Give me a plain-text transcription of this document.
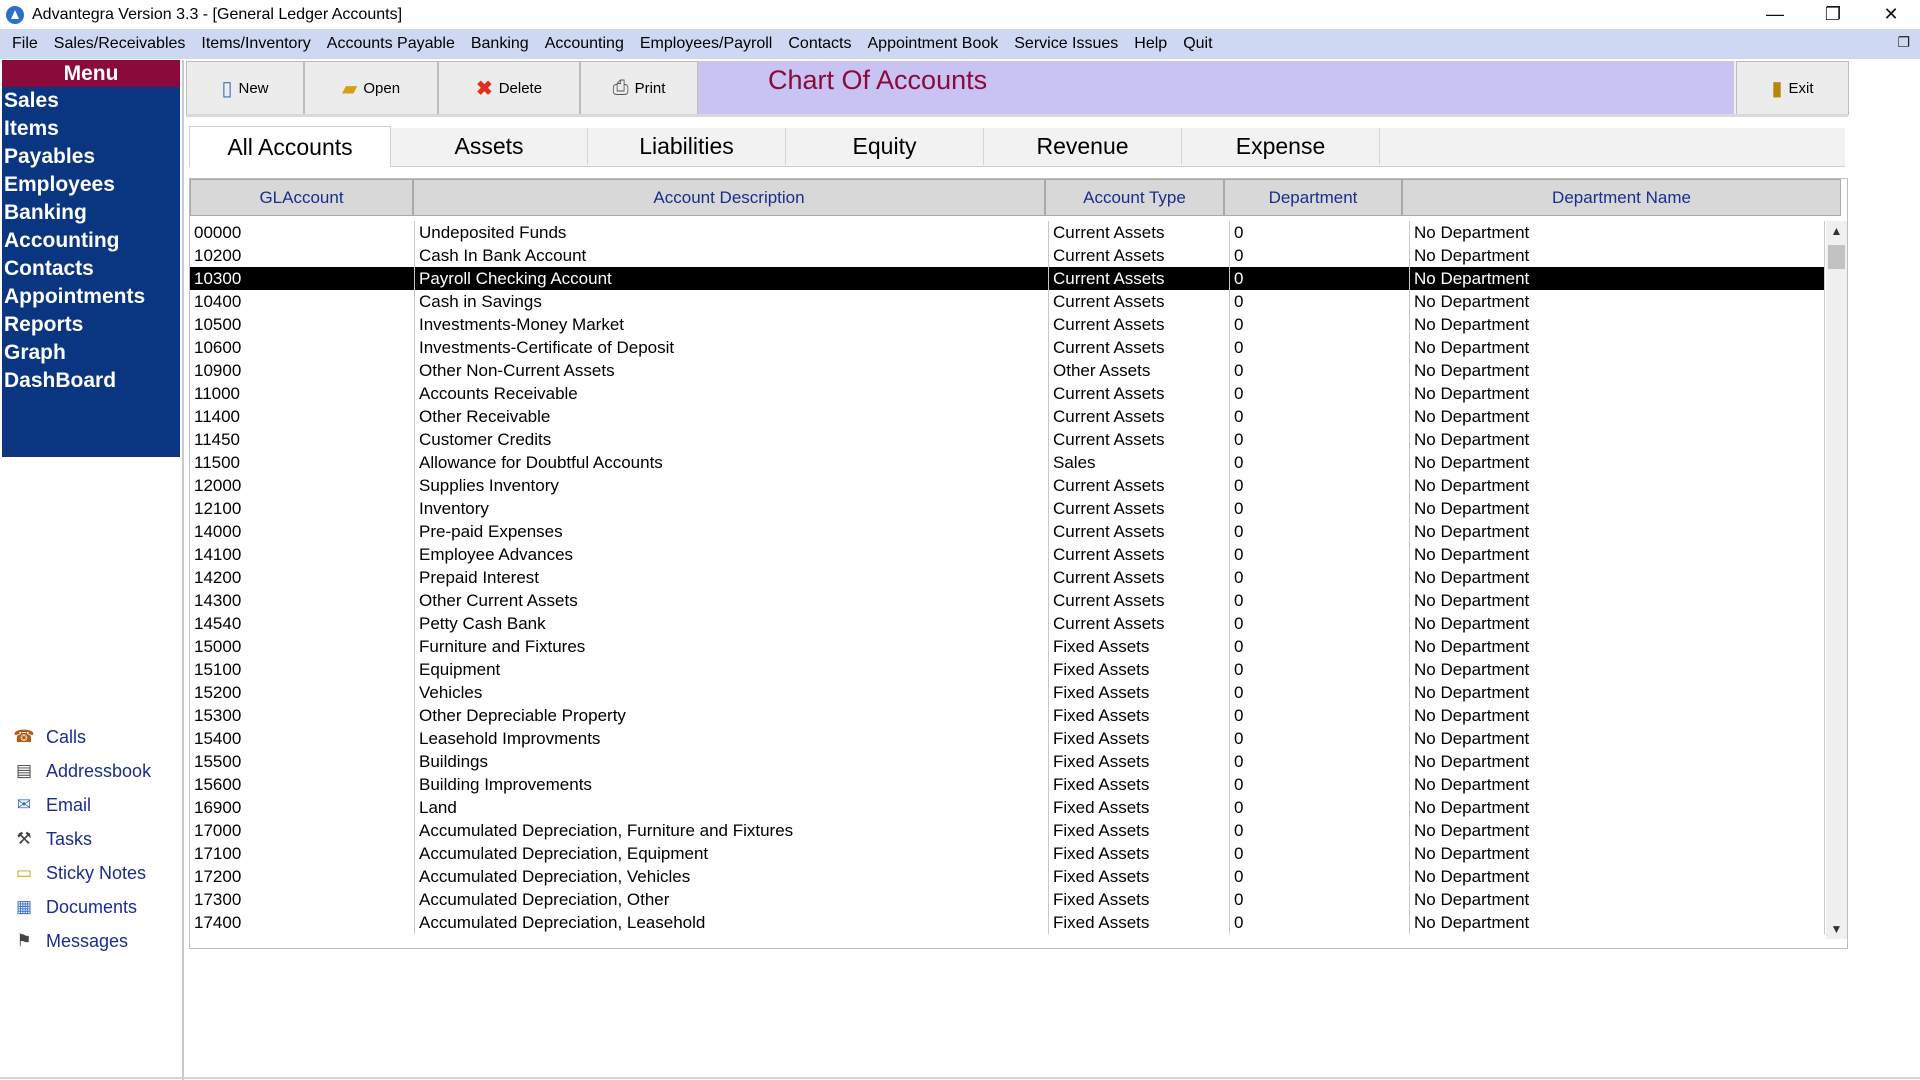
Advantegra Version 3.3 - [General Ledger Accounts]	—	❐	✕
File	Sales/Receivables	Items/Inventory	Accounts Payable	Banking	Accounting	Employees/Payroll	Contacts	Appointment Book	Service Issues	Help	Quit	❐
Menu
Sales
Items
Payables
Employees
Banking
Accounting
Contacts
Appointments
Reports
Graph
DashBoard
☎ Calls
▤ Addressbook
✉ Email
⚒ Tasks
▭ Sticky Notes
▦ Documents
⚑ Messages
▯ New	▰ Open	✖ Delete	⎙ Print	Chart Of Accounts	▮ Exit
All Accounts	Assets	Liabilities	Equity	Revenue	Expense
GLAccount	Account Description	Account Type	Department	Department Name
00000	Undeposited Funds	Current Assets	0	No Department
10200	Cash In Bank Account	Current Assets	0	No Department
10300	Payroll Checking Account	Current Assets	0	No Department
10400	Cash in Savings	Current Assets	0	No Department
10500	Investments-Money Market	Current Assets	0	No Department
10600	Investments-Certificate of Deposit	Current Assets	0	No Department
10900	Other Non-Current Assets	Other Assets	0	No Department
11000	Accounts Receivable	Current Assets	0	No Department
11400	Other Receivable	Current Assets	0	No Department
11450	Customer Credits	Current Assets	0	No Department
11500	Allowance for Doubtful Accounts	Sales	0	No Department
12000	Supplies Inventory	Current Assets	0	No Department
12100	Inventory	Current Assets	0	No Department
14000	Pre-paid Expenses	Current Assets	0	No Department
14100	Employee Advances	Current Assets	0	No Department
14200	Prepaid Interest	Current Assets	0	No Department
14300	Other Current Assets	Current Assets	0	No Department
14540	Petty Cash Bank	Current Assets	0	No Department
15000	Furniture and Fixtures	Fixed Assets	0	No Department
15100	Equipment	Fixed Assets	0	No Department
15200	Vehicles	Fixed Assets	0	No Department
15300	Other Depreciable Property	Fixed Assets	0	No Department
15400	Leasehold Improvments	Fixed Assets	0	No Department
15500	Buildings	Fixed Assets	0	No Department
15600	Building Improvements	Fixed Assets	0	No Department
16900	Land	Fixed Assets	0	No Department
17000	Accumulated Depreciation, Furniture and Fixtures	Fixed Assets	0	No Department
17100	Accumulated Depreciation, Equipment	Fixed Assets	0	No Department
17200	Accumulated Depreciation, Vehicles	Fixed Assets	0	No Department
17300	Accumulated Depreciation, Other	Fixed Assets	0	No Department
17400	Accumulated Depreciation, Leasehold	Fixed Assets	0	No Department
▲
▼
